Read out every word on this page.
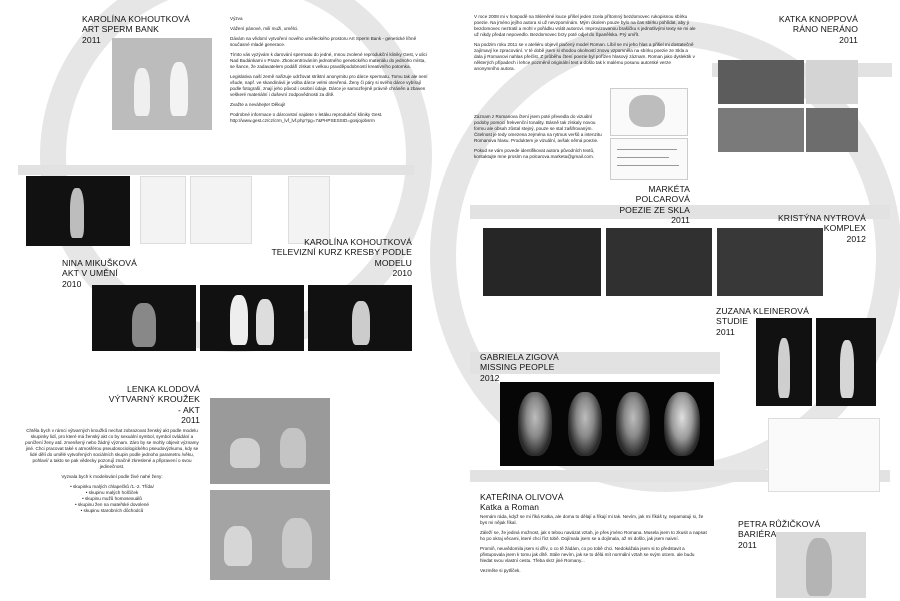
KAROLÍNA KOHOUTKOVÁ
ART SPERM BANK
2011

Výzva

Vážení pánové, milí muži, umělci.

Dávám na vědomí vytvoření nového uměleckého prostoru Art Sperm Bank - genetické líhně současné mladé generace.

Tímto vás vyzývám k darování spermatu do jedné, mnou zvolené reprodukční kliniky Gest, v ulici Nad Budánkami v Praze. Zkoncentrováním jednotného genetického materiálu do jednoho místa, se šance, že zadavatelem podáří získat s velkou pravděpodobností kreativního potomka.

Legislativa naší země nařizuje udržovat striktní anonymitu pro dárce spermatu. Tomu tak ale není všude, např. ve skandinávii je volba dárce velmi otevřená. Ženy či páry si svého dárce vybírají podle fotografií, znají jeho původ i osobní údaje. Dárce je samozřejmě právně chráněn a zbaven veškeré materiální i duševní zodpovědnosti za dítě.

Zvažte a neváhejte! Děkuji!

Podrobné informace o dárcovství najdete v letáku reprodukční kliniky Gest. http://www.gest.cz/cz/crm_lvf_lvf.php?pg=7&PHPSESSID=gosjojobsrm

NINA MIKUŠKOVÁ
AKT V UMĚNÍ
2010
KAROLÍNA KOHOUTKOVÁ
TELEVIZNÍ KURZ KRESBY PODLE MODELU
2010
LENKA KLODOVÁ
VÝTVARNÝ KROUŽEK - AKT
2011

Chtěla bych v rámci výtvarných kroužků nechat zobrazovat ženský akt podle modelu skupinky lidí, pro které má ženský akt co by sexuální symbol, symbol ovládání a ponížení ženy atd. zmenšený nebo žádný význam. Záro by se mohly objevit významy jiné. Chci pracovat také s atmosférou pseudosociologického pseudovýzkumu, kdy se lidé dělí do umělé vytvořených sociálních skupin podle jednoho parametru /věku, pohlaví/ a takto se pak vědecky pozorují značně zkreslené a připravení o svou jedinečnost.

Vyzvala bych k modelování podle živé nahé ženy:

• skupinku malých chlapečků /1.-2. Třída/
• skupinu malých holčiček
• skupinu mužů homosexuálů
• skupinu žen na mateřské dovolené
• skupinu starobních důchodců

V roce 2008 mi v hospodě na Skleněné louce přišel jeden zcela přítomný bezdomovec rukopisnou sbírku poezie. Na jméno jejího autora si už nevzpomínám. Mým úkolem pouze bylo na čas sbírku pohlídat, aby ji bezdomovec neztratil a mohl v pořádku vrátit autorovi. Improvizovanou brašičku s jednotlivými texty se mi ale už nikdy předat nepovedlo. Bezdomovec brzy poté odjel do Španělska. Prý umřít.

Na podzim roku 2011 se v ateliéru objevil plačený model Roman. Líbil se mi jeho hlas a přišel mi dostatečně zajímavý ke zpracování. V té době jsem si shodou okolností znovu vzpomněla na sbírku poezie ze Skla a dala ji Romanovi nahlas přečíst. Z průběhu čtení poezie byl pořízen hlasový záznam. Roman jako dyslektik v některých případech i lehce pozměnil originální text a došlo tak k malému posunu autorské verze anonymního autora.

Záznam z Romanova čtení jsem poté převedla do vizuální podoby pomocí frekvenční tonality. Básně tak získaly novou formu ale obsah zůstal stejný, pouze se stal zašifrovaným. Čitelnost je tedy omezena zejména na rytmus veršů a intenzitu Romanova hlasu. Produktem je vizuální, avšak němá poezie.

Pokud se vám povede identifikovat autora původních textů, kontaktujte mne prosím na polcarova.marketa@gmail.com.

MARKÉTA POLCAROVÁ
POEZIE ZE SKLA
2011
KATKA KNOPPOVÁ
RÁNO NERÁNO
2011
KRISTÝNA NYTROVÁ
KOMPLEX
2012
ZUZANA KLEINEROVÁ
STUDIE
2011
GABRIELA ZIGOVÁ
MISSING PEOPLE
2012
KATEŘINA OLIVOVÁ
Katka a Roman

Nemám ráda, když se mi říká Katka, ale doma to dělají a říkají mi tak. Nevím, jak mi říkáš ty, nepamatuji si, že bys mi nějak říkal.

Záleží se, že jediná možnost, jak s tebou navázat vztah, je přes jméno Romana. Musela jsem to zkusit a napsat ho po okraj věcami, které chci říct tobě. Dojímala jsem se a dojímala, až mi došlo, jak jsem naivní.

Promiň, neuvědomila jsem si dřív, o co tě žádám, co po tobě chci. Nedokážala jsem si to představit a přistupovala jsem k tomu jak dítě. Stále nevím, jak se to dělá mít normální vztah se svým otcem. ale budu hledat svou vlastní cestu. Třeba skrz jiné Romany...

Vezměte si pytlíček.

PETRA RŮŽIČKOVÁ
BARIÉRA
2011
